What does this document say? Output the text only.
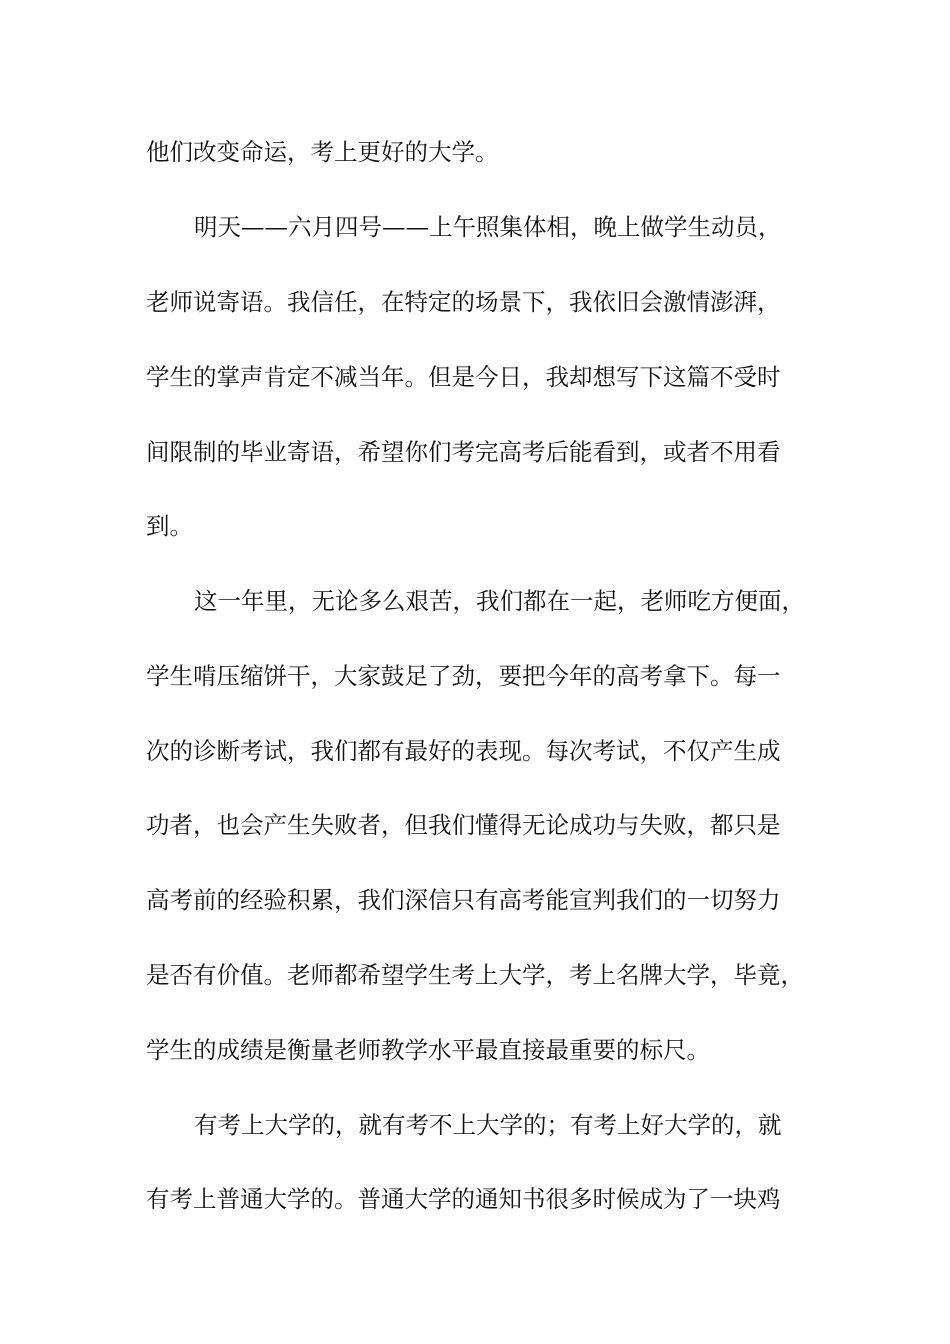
他们改变命运，考上更好的大学。

明天——六月四号——上午照集体相，晚上做学生动员，

老师说寄语。我信任，在特定的场景下，我依旧会激情澎湃，

学生的掌声肯定不减当年。但是今日，我却想写下这篇不受时

间限制的毕业寄语，希望你们考完高考后能看到，或者不用看

到。

这一年里，无论多么艰苦，我们都在一起，老师吃方便面，

学生啃压缩饼干，大家鼓足了劲，要把今年的高考拿下。每一

次的诊断考试，我们都有最好的表现。每次考试，不仅产生成

功者，也会产生失败者，但我们懂得无论成功与失败，都只是

高考前的经验积累，我们深信只有高考能宣判我们的一切努力

是否有价值。老师都希望学生考上大学，考上名牌大学，毕竟，

学生的成绩是衡量老师教学水平最直接最重要的标尺。

有考上大学的，就有考不上大学的；有考上好大学的，就

有考上普通大学的。普通大学的通知书很多时候成为了一块鸡
